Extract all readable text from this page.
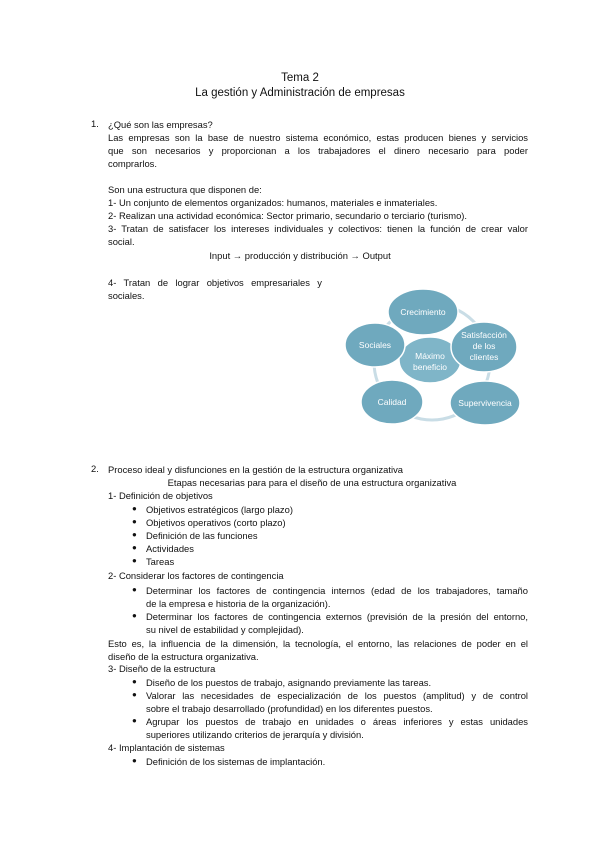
Tema 2
La gestión y Administración de empresas
1. ¿Qué son las empresas?
Las empresas son la base de nuestro sistema económico, estas producen bienes y servicios
que son necesarios y proporcionan a los trabajadores el dinero necesario para poder
comprarlos.
Son una estructura que disponen de:
1- Un conjunto de elementos organizados: humanos, materiales e inmateriales.
2- Realizan una actividad económica: Sector primario, secundario o terciario (turismo).
3- Tratan de satisfacer los intereses individuales y colectivos: tienen la función de crear valor
social.
Input → producción y distribución → Output
4- Tratan de lograr objetivos empresariales y
sociales.
Máximo
beneficio
Crecimiento
Satisfacción
de los
clientes
Supervivencia
Calidad
Sociales
2. Proceso ideal y disfunciones en la gestión de la estructura organizativa
Etapas necesarias para para el diseño de una estructura organizativa
1- Definición de objetivos
● Objetivos estratégicos (largo plazo)
● Objetivos operativos (corto plazo)
● Definición de las funciones
● Actividades
● Tareas
2- Considerar los factores de contingencia
● Determinar los factores de contingencia internos (edad de los trabajadores, tamaño
de la empresa e historia de la organización).
● Determinar los factores de contingencia externos (previsión de la presión del entorno,
su nivel de estabilidad y complejidad).
Esto es, la influencia de la dimensión, la tecnología, el entorno, las relaciones de poder en el
diseño de la estructura organizativa.
3- Diseño de la estructura
● Diseño de los puestos de trabajo, asignando previamente las tareas.
● Valorar las necesidades de especialización de los puestos (amplitud) y de control
sobre el trabajo desarrollado (profundidad) en los diferentes puestos.
● Agrupar los puestos de trabajo en unidades o áreas inferiores y estas unidades
superiores utilizando criterios de jerarquía y división.
4- Implantación de sistemas
● Definición de los sistemas de implantación.
